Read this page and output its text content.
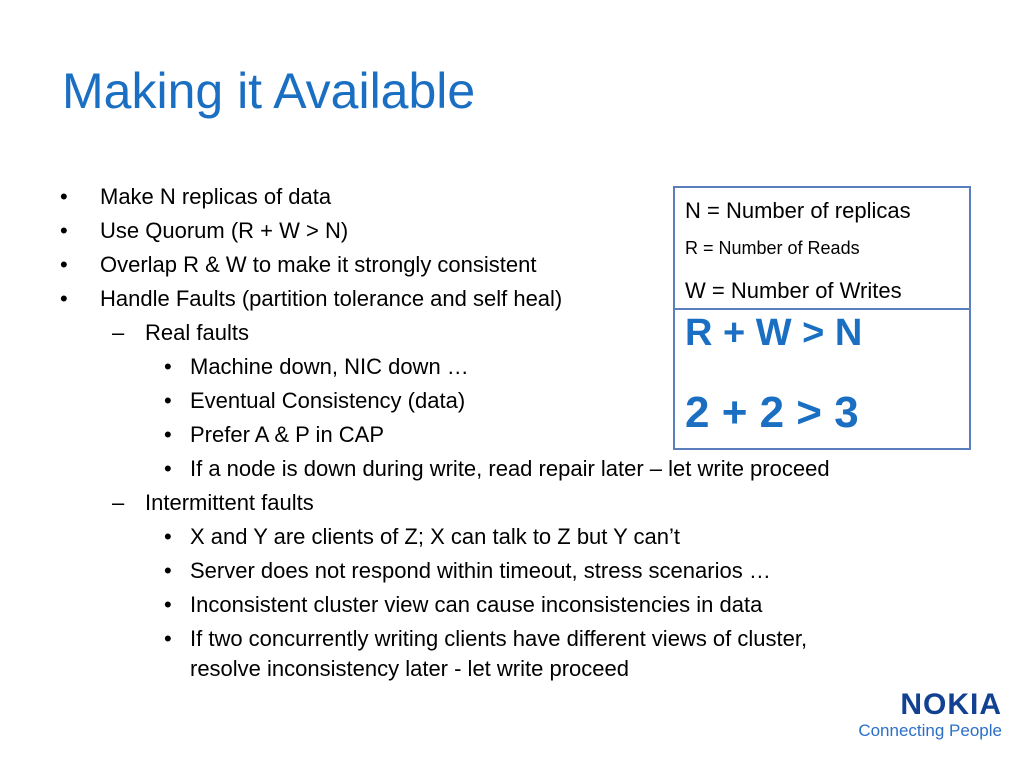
Making it Available
• Make N replicas of data
• Use Quorum (R + W > N)
• Overlap R & W to make it strongly consistent
• Handle Faults (partition tolerance and self heal)
– Real faults
• Machine down, NIC down …
• Eventual Consistency (data)
• Prefer A & P in CAP
• If a node is down during write, read repair later – let write proceed
– Intermittent faults
• X and Y are clients of Z; X can talk to Z but Y can’t
• Server does not respond within timeout, stress scenarios …
• Inconsistent cluster view can cause inconsistencies in data
• If two concurrently writing clients have different views of cluster,
resolve inconsistency later - let write proceed
N = Number of replicas
R = Number of Reads
W = Number of Writes
R + W > N
2 + 2 > 3
NOKIA
Connecting People
